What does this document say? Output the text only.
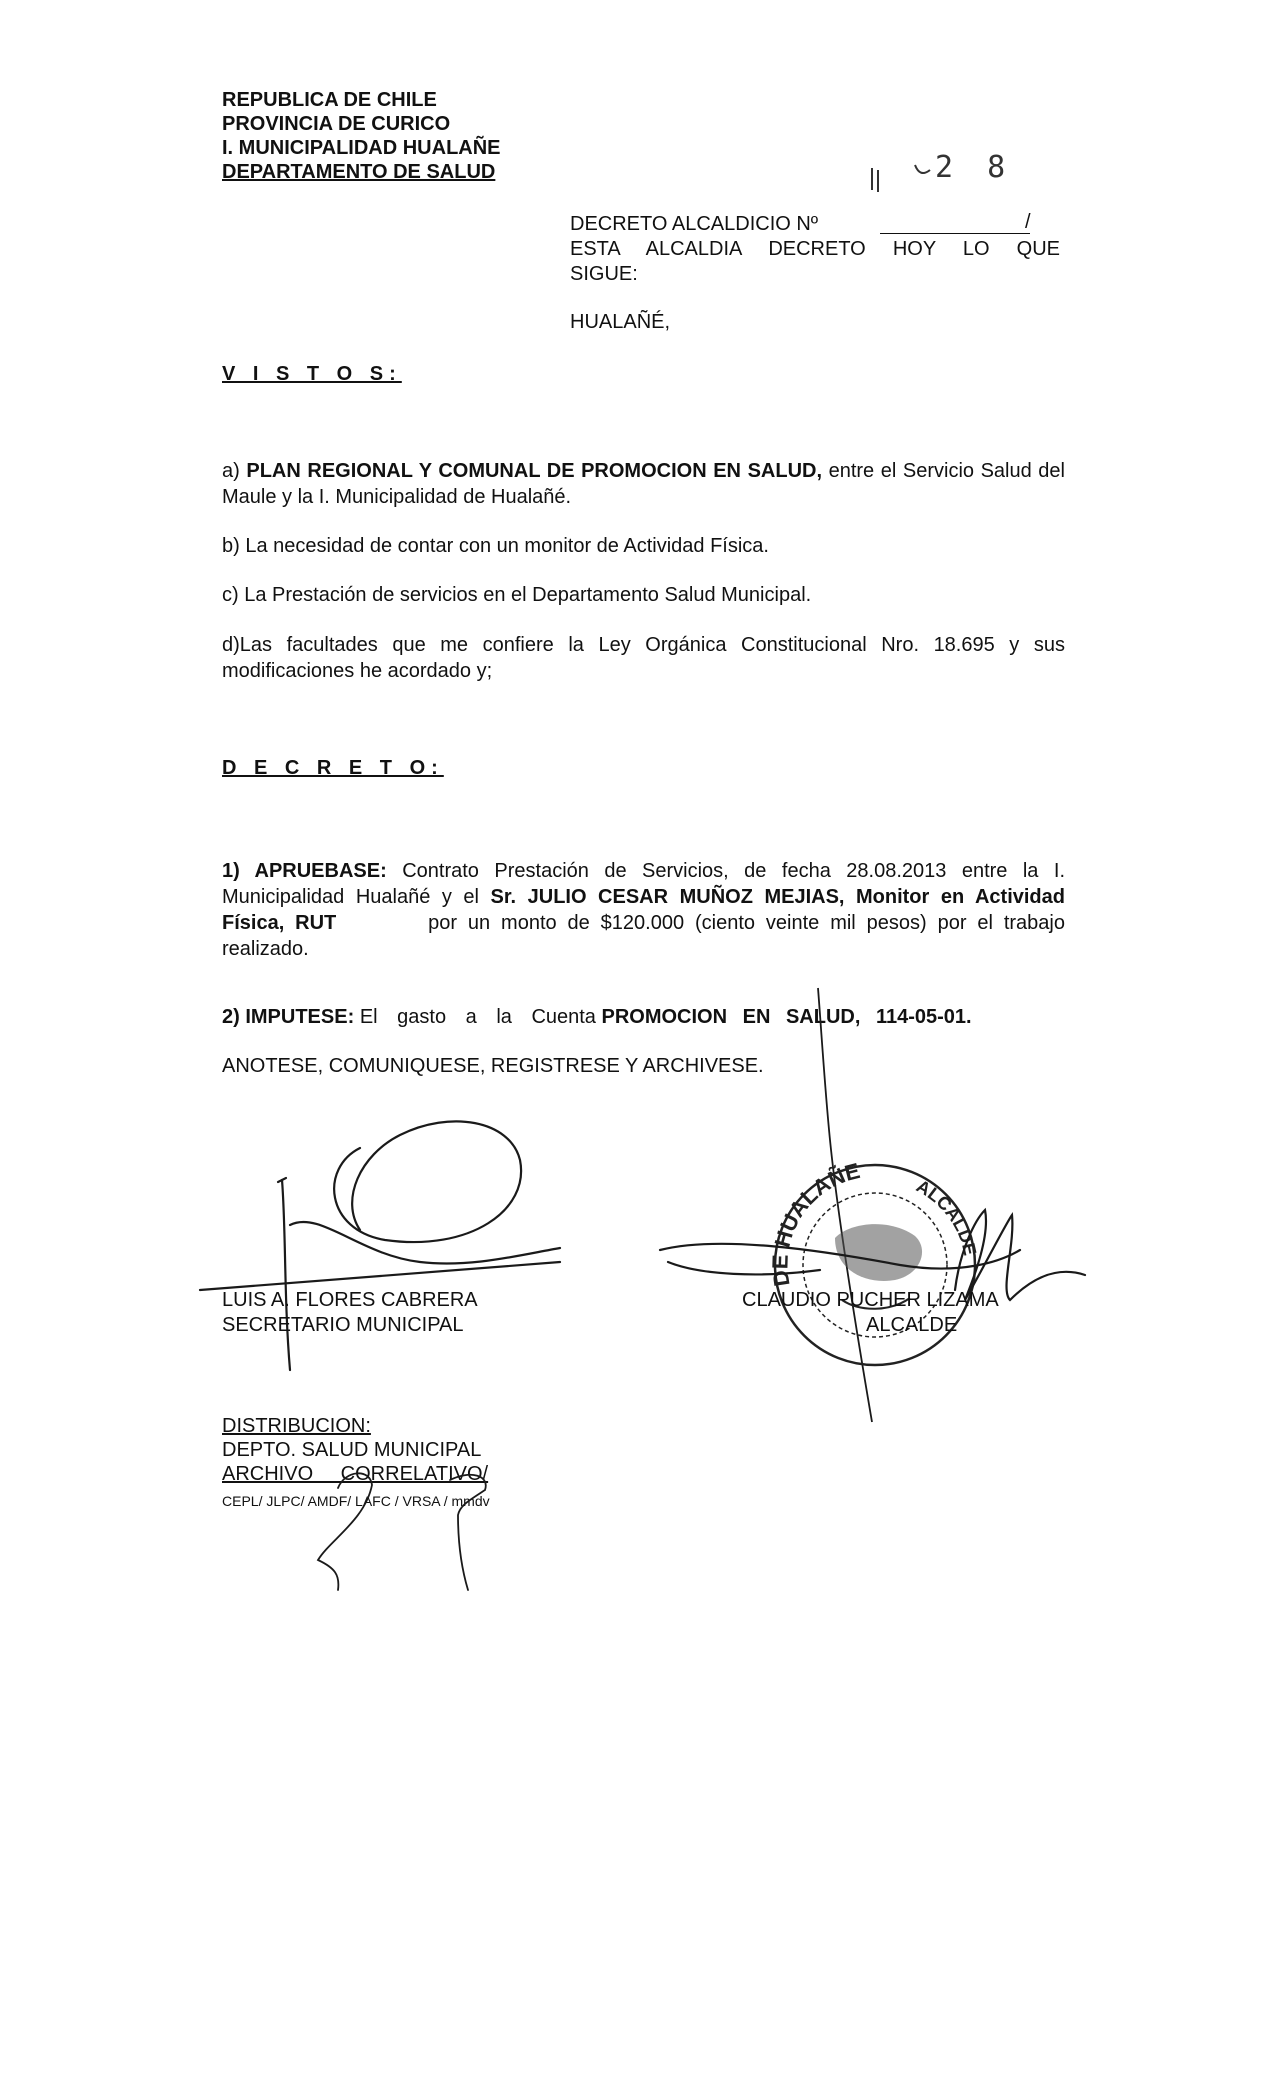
REPUBLICA DE CHILE
PROVINCIA DE CURICO
I. MUNICIPALIDAD HUALAÑE
DEPARTAMENTO DE SALUD	2 8
DECRETO ALCALDICIO Nº	/
ESTA ALCALDIA DECRETO HOY LO QUE
SIGUE:
HUALAÑÉ,
V I S T O S:
a) PLAN REGIONAL Y COMUNAL DE PROMOCION EN SALUD, entre el Servicio Salud del Maule y la I. Municipalidad de Hualañé.
b) La necesidad de contar con un monitor de Actividad Física.
c) La Prestación de servicios en el Departamento Salud Municipal.
d)Las facultades que me confiere la Ley Orgánica Constitucional Nro. 18.695 y sus modificaciones he acordado y;
D E C R E T O:
1) APRUEBASE: Contrato Prestación de Servicios, de fecha 28.08.2013 entre la I. Municipalidad Hualañé y el Sr. JULIO CESAR MUÑOZ MEJIAS, Monitor en Actividad Física, RUT	por un monto de $120.000 (ciento veinte mil pesos) por el trabajo realizado.
2) IMPUTESE: El gasto a la Cuenta PROMOCION EN SALUD, 114-05-01.
ANOTESE, COMUNIQUESE, REGISTRESE Y ARCHIVESE.
DE HUALAÑE
ALCALDE
LUIS A. FLORES CABRERA
SECRETARIO MUNICIPAL
CLAUDIO PUCHER LIZAMA
ALCALDE
DISTRIBUCION:
DEPTO. SALUD MUNICIPAL
ARCHIVO CORRELATIVO/
CEPL/ JLPC/ AMDF/ LAFC / VRSA / mmdv
